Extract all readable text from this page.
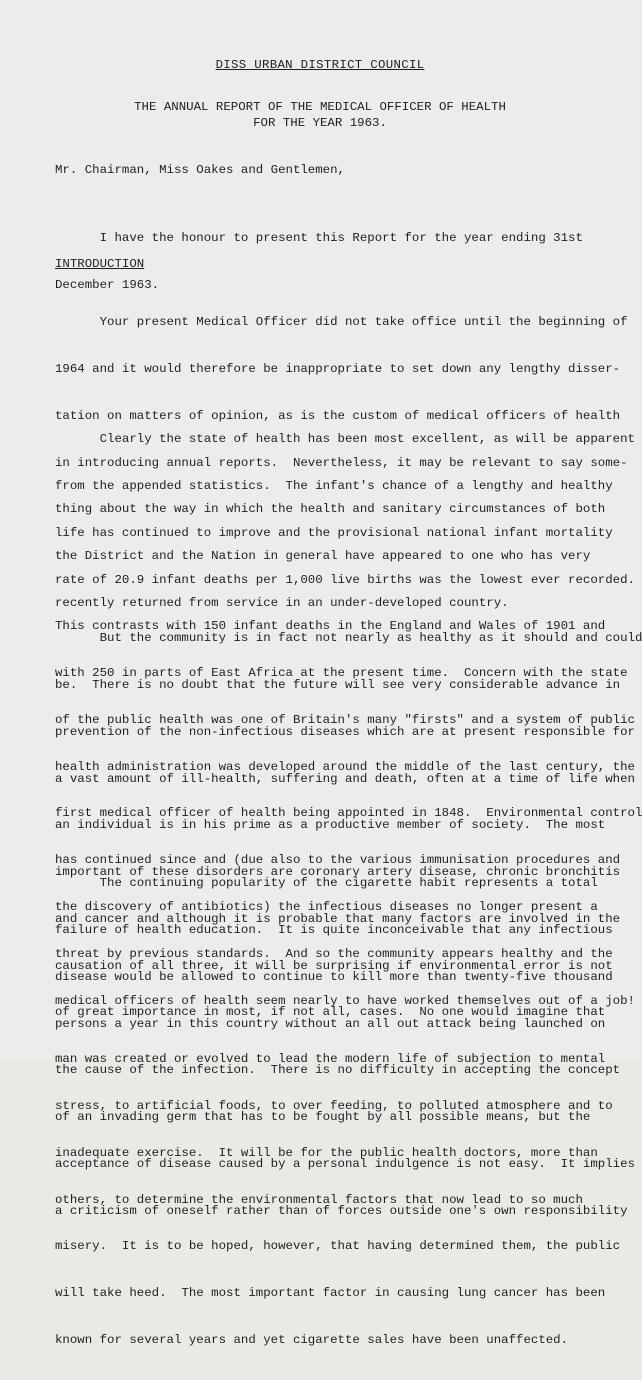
DISS URBAN DISTRICT COUNCIL
THE ANNUAL REPORT OF THE MEDICAL OFFICER OF HEALTH
FOR THE YEAR 1963.
Mr. Chairman, Miss Oakes and Gentlemen,

I have the honour to present this Report for the year ending 31st

December 1963.

INTRODUCTION

Your present Medical Officer did not take office until the beginning of

1964 and it would therefore be inappropriate to set down any lengthy disser-

tation on matters of opinion, as is the custom of medical officers of health

in introducing annual reports.  Nevertheless, it may be relevant to say some-

thing about the way in which the health and sanitary circumstances of both

the District and the Nation in general have appeared to one who has very

recently returned from service in an under-developed country.

Clearly the state of health has been most excellent, as will be apparent

from the appended statistics.  The infant's chance of a lengthy and healthy

life has continued to improve and the provisional national infant mortality

rate of 20.9 infant deaths per 1,000 live births was the lowest ever recorded.

This contrasts with 150 infant deaths in the England and Wales of 1901 and

with 250 in parts of East Africa at the present time.  Concern with the state

of the public health was one of Britain's many "firsts" and a system of public

health administration was developed around the middle of the last century, the

first medical officer of health being appointed in 1848.  Environmental control

has continued since and (due also to the various immunisation procedures and

the discovery of antibiotics) the infectious diseases no longer present a

threat by previous standards.  And so the community appears healthy and the

medical officers of health seem nearly to have worked themselves out of a job!

But the community is in fact not nearly as healthy as it should and could

be.  There is no doubt that the future will see very considerable advance in

prevention of the non-infectious diseases which are at present responsible for

a vast amount of ill-health, suffering and death, often at a time of life when

an individual is in his prime as a productive member of society.  The most

important of these disorders are coronary artery disease, chronic bronchitis

and cancer and although it is probable that many factors are involved in the

causation of all three, it will be surprising if environmental error is not

of great importance in most, if not all, cases.  No one would imagine that

man was created or evolved to lead the modern life of subjection to mental

stress, to artificial foods, to over feeding, to polluted atmosphere and to

inadequate exercise.  It will be for the public health doctors, more than

others, to determine the environmental factors that now lead to so much

misery.  It is to be hoped, however, that having determined them, the public

will take heed.  The most important factor in causing lung cancer has been

known for several years and yet cigarette sales have been unaffected.

The continuing popularity of the cigarette habit represents a total

failure of health education.  It is quite inconceivable that any infectious

disease would be allowed to continue to kill more than twenty-five thousand

persons a year in this country without an all out attack being launched on

the cause of the infection.  There is no difficulty in accepting the concept

of an invading germ that has to be fought by all possible means, but the

acceptance of disease caused by a personal indulgence is not easy.  It implies

a criticism of oneself rather than of forces outside one's own responsibility
